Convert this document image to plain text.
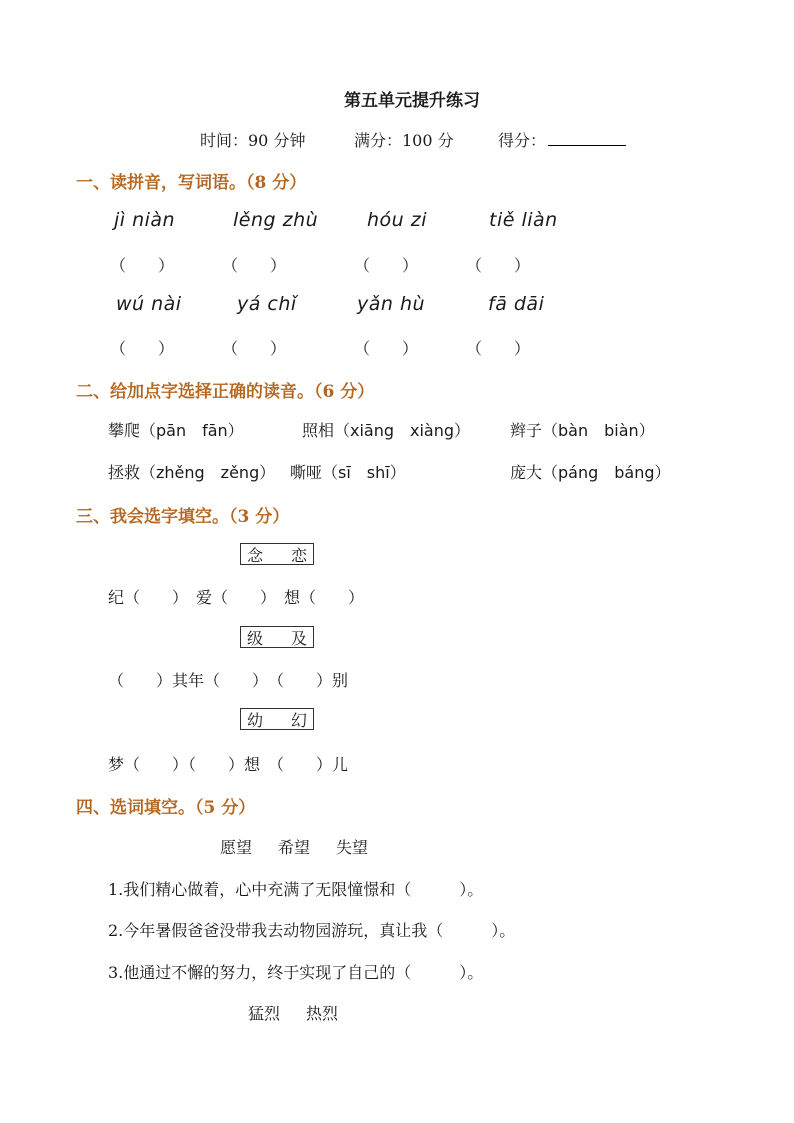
第五单元提升练习
时间：90 分钟	满分：100 分	得分：
一、读拼音，写词语。（8 分）
jì niàn	lěng zhù	hóu zi	tiě liàn
（　　）	（　　）	（　　）	（　　）
wú nài	yá chǐ	yǎn hù	fā dāi
（　　）	（　　）	（　　）	（　　）
二、给加点字选择正确的读音。（6 分）
攀爬（pān　fān）	照相（xiāng　xiàng） 辫子（bàn　biàn）
拯救（zhěng　zěng） 嘶哑（sī　shī）	庞大（páng　báng）
三、我会选字填空。（3 分）
念 恋
纪（　　）　爱（　　）　想（　　）
级 及
（　　）其年（　　）　（　　）别
幼 幻
梦（　　）（　　）想　（　　）儿
四、选词填空。（5 分）
愿望 希望 失望
1.我们精心做着，心中充满了无限憧憬和（　　　）。
2.今年暑假爸爸没带我去动物园游玩，真让我（　　　）。
3.他通过不懈的努力，终于实现了自己的（　　　）。
猛烈 热烈
